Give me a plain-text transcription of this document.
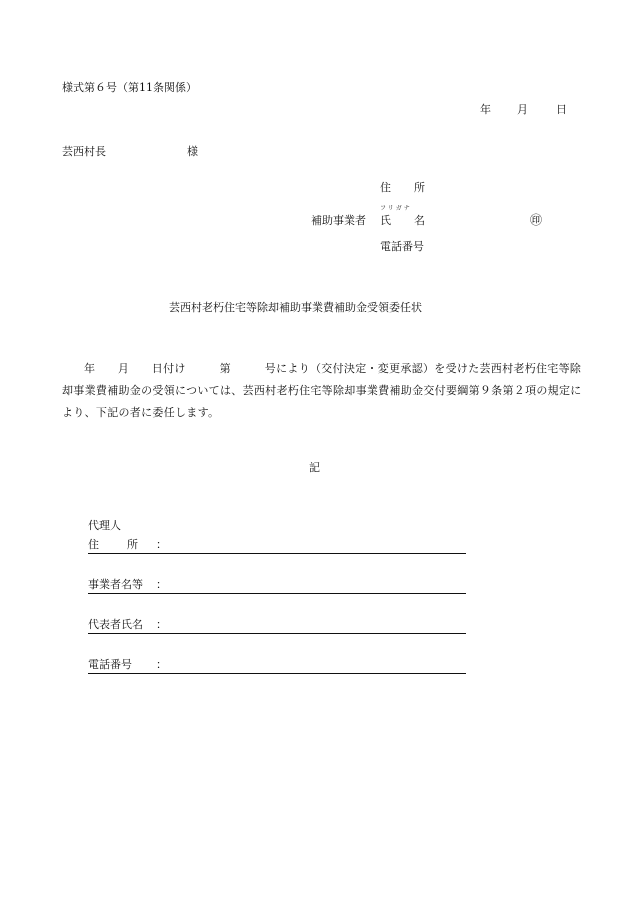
様式第６号（第11条関係）
年 月	日
芸西村長	様
住　所
フリガナ
補助事業者 氏　名	㊞
電話番号
芸西村老朽住宅等除却補助事業費補助金受領委任状
年　　月　　日付け　　　第　　　号により（交付決定・変更承認）を受けた芸西村老朽住宅等除却事業費補助金の受領については、芸西村老朽住宅等除却事業費補助金交付要綱第９条第２項の規定により、下記の者に委任します。
記
代理人
住　　所 ：
事業者名等 ：
代表者氏名 ：
電話番号 ：
